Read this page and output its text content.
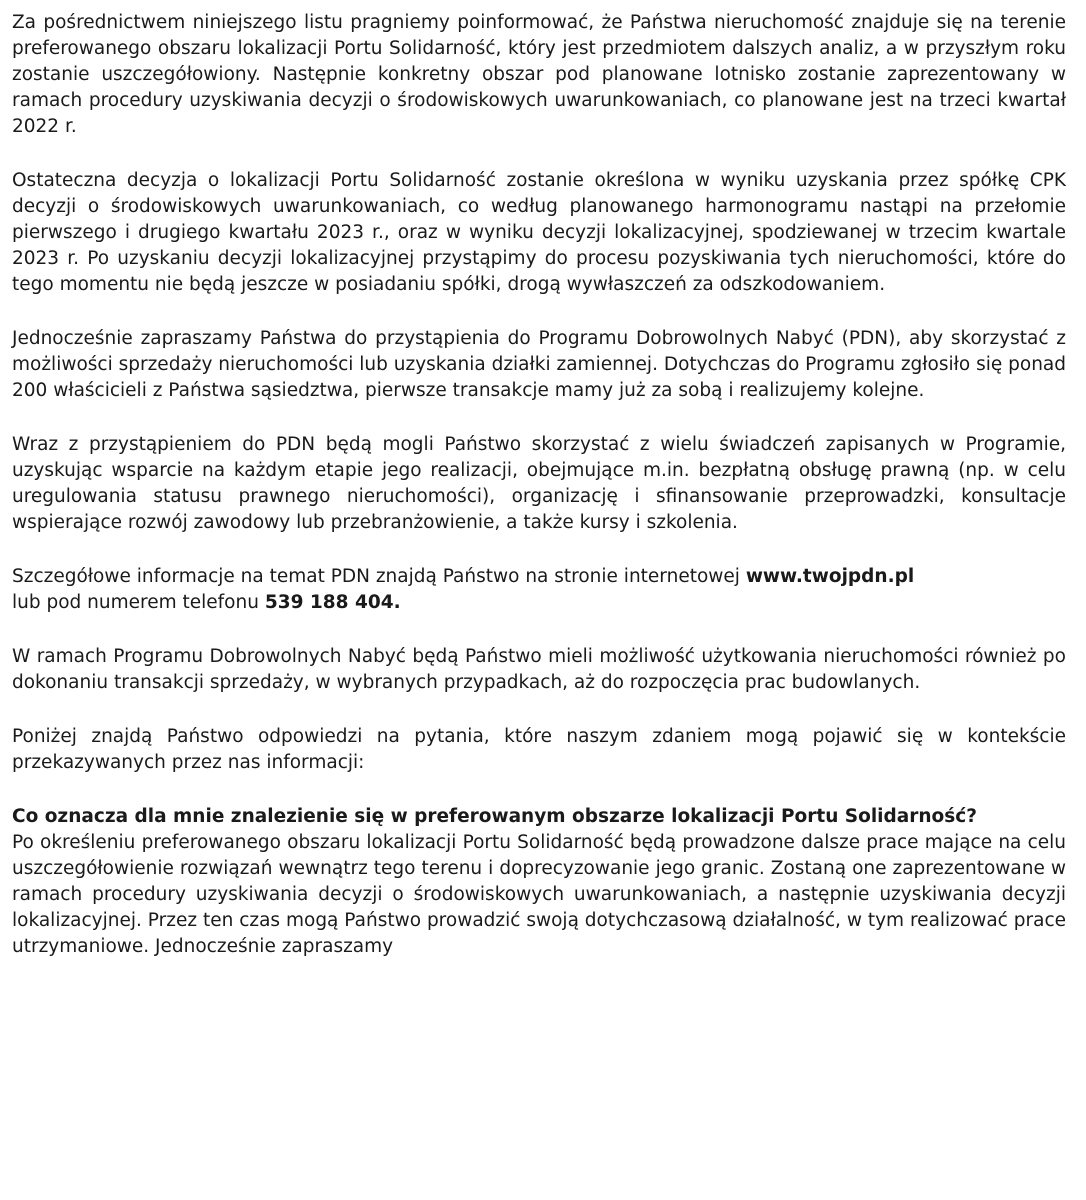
Za pośrednictwem niniejszego listu pragniemy poinformować, że Państwa nieruchomość znajduje się na terenie preferowanego obszaru lokalizacji Portu Solidarność, który jest przedmiotem dalszych analiz, a w przyszłym roku zostanie uszczegółowiony. Następnie konkretny obszar pod planowane lotnisko zostanie zaprezentowany w ramach procedury uzyskiwania decyzji o środowiskowych uwarunkowaniach, co planowane jest na trzeci kwartał 2022 r.

Ostateczna decyzja o lokalizacji Portu Solidarność zostanie określona w wyniku uzyskania przez spółkę CPK decyzji o środowiskowych uwarunkowaniach, co według planowanego harmonogramu nastąpi na przełomie pierwszego i drugiego kwartału 2023 r., oraz w wyniku decyzji lokalizacyjnej, spodziewanej w trzecim kwartale 2023 r. Po uzyskaniu decyzji lokalizacyjnej przystąpimy do procesu pozyskiwania tych nieruchomości, które do tego momentu nie będą jeszcze w posiadaniu spółki, drogą wywłaszczeń za odszkodowaniem.

Jednocześnie zapraszamy Państwa do przystąpienia do Programu Dobrowolnych Nabyć (PDN), aby skorzystać z możliwości sprzedaży nieruchomości lub uzyskania działki zamiennej. Dotychczas do Programu zgłosiło się ponad 200 właścicieli z Państwa sąsiedztwa, pierwsze transakcje mamy już za sobą i realizujemy kolejne.

Wraz z przystąpieniem do PDN będą mogli Państwo skorzystać z wielu świadczeń zapisanych w Programie, uzyskując wsparcie na każdym etapie jego realizacji, obejmujące m.in. bezpłatną obsługę prawną (np. w celu uregulowania statusu prawnego nieruchomości), organizację i sfinansowanie przeprowadzki, konsultacje wspierające rozwój zawodowy lub przebranżowienie, a także kursy i szkolenia.

Szczegółowe informacje na temat PDN znajdą Państwo na stronie internetowej www.twojpdn.pl
lub pod numerem telefonu 539 188 404.

W ramach Programu Dobrowolnych Nabyć będą Państwo mieli możliwość użytkowania nieruchomości również po dokonaniu transakcji sprzedaży, w wybranych przypadkach, aż do rozpoczęcia prac budowlanych.

Poniżej znajdą Państwo odpowiedzi na pytania, które naszym zdaniem mogą pojawić się w kontekście przekazywanych przez nas informacji:

Co oznacza dla mnie znalezienie się w preferowanym obszarze lokalizacji Portu Solidarność?

Po określeniu preferowanego obszaru lokalizacji Portu Solidarność będą prowadzone dalsze prace mające na celu uszczegółowienie rozwiązań wewnątrz tego terenu i doprecyzowanie jego granic. Zostaną one zaprezentowane w ramach procedury uzyskiwania decyzji o środowiskowych uwarunkowaniach, a następnie uzyskiwania decyzji lokalizacyjnej. Przez ten czas mogą Państwo prowadzić swoją dotychczasową działalność, w tym realizować prace utrzymaniowe. Jednocześnie zapraszamy
